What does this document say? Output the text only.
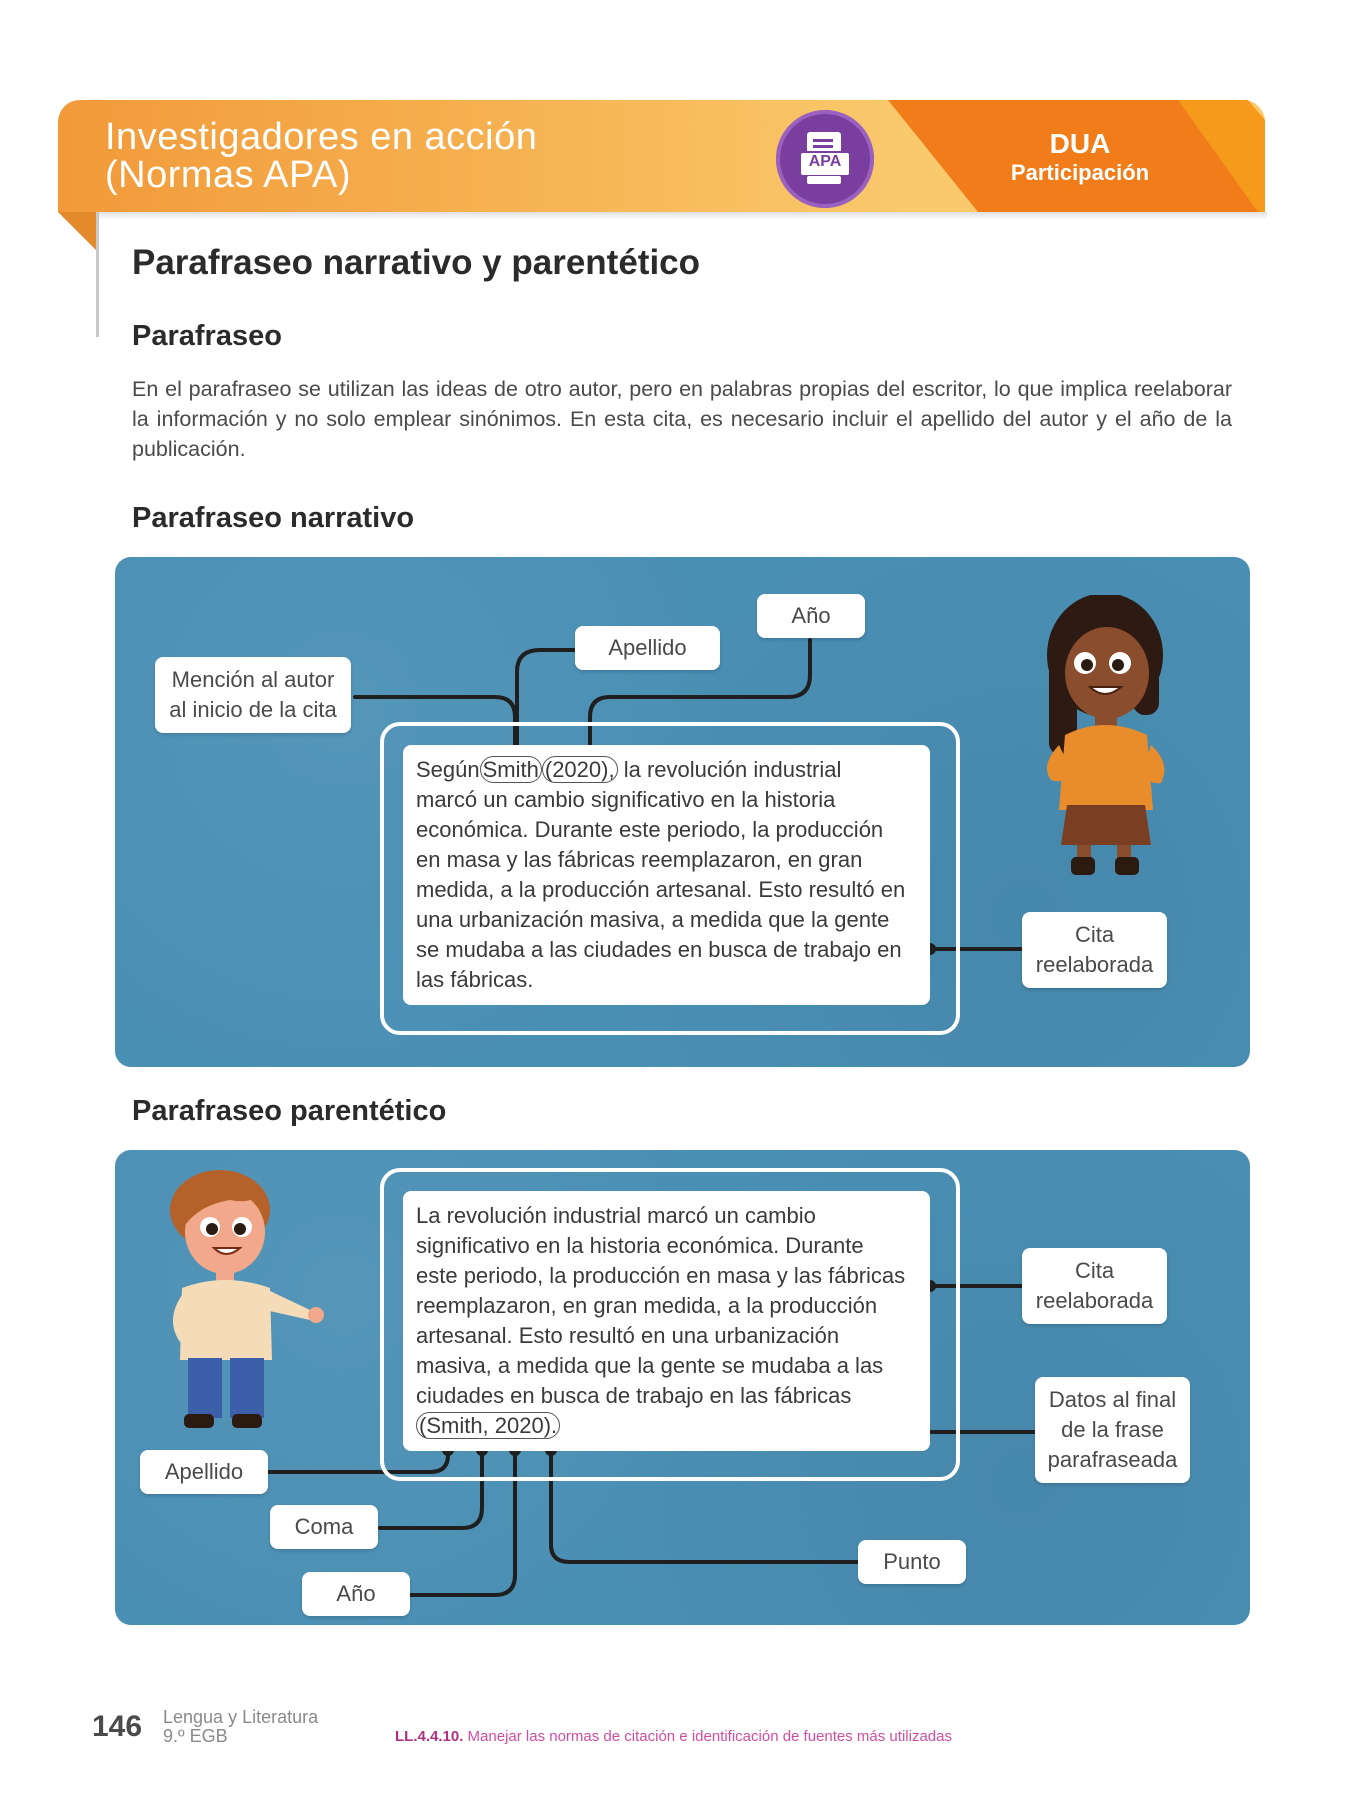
Investigadores en acción
(Normas APA)	APA
DUA
Participación
Parafraseo narrativo y parentético
Parafraseo
En el parafraseo se utilizan las ideas de otro autor, pero en palabras propias del escritor, lo que implica reelaborar la información y no solo emplear sinónimos. En esta cita, es necesario incluir el apellido del autor y el año de la publicación.
Parafraseo narrativo
Según Smith (2020), la revolución industrial
marcó un cambio significativo en la historia
económica. Durante este periodo, la producción
en masa y las fábricas reemplazaron, en gran
medida, a la producción artesanal. Esto resultó en
una urbanización masiva, a medida que la gente
se mudaba a las ciudades en busca de trabajo en
las fábricas.
Mención al autor
al inicio de la cita
Apellido
Año
Cita
reelaborada
Parafraseo parentético
La revolución industrial marcó un cambio
significativo en la historia económica. Durante
este periodo, la producción en masa y las fábricas
reemplazaron, en gran medida, a la producción
artesanal. Esto resultó en una urbanización
masiva, a medida que la gente se mudaba a las
ciudades en busca de trabajo en las fábricas
(Smith, 2020).
Cita
reelaborada
Datos al final
de la frase
parafraseada
Apellido
Coma
Año
Punto
146 Lengua y Literatura
9.º EGB	LL.4.4.10. Manejar las normas de citación e identificación de fuentes más utilizadas
